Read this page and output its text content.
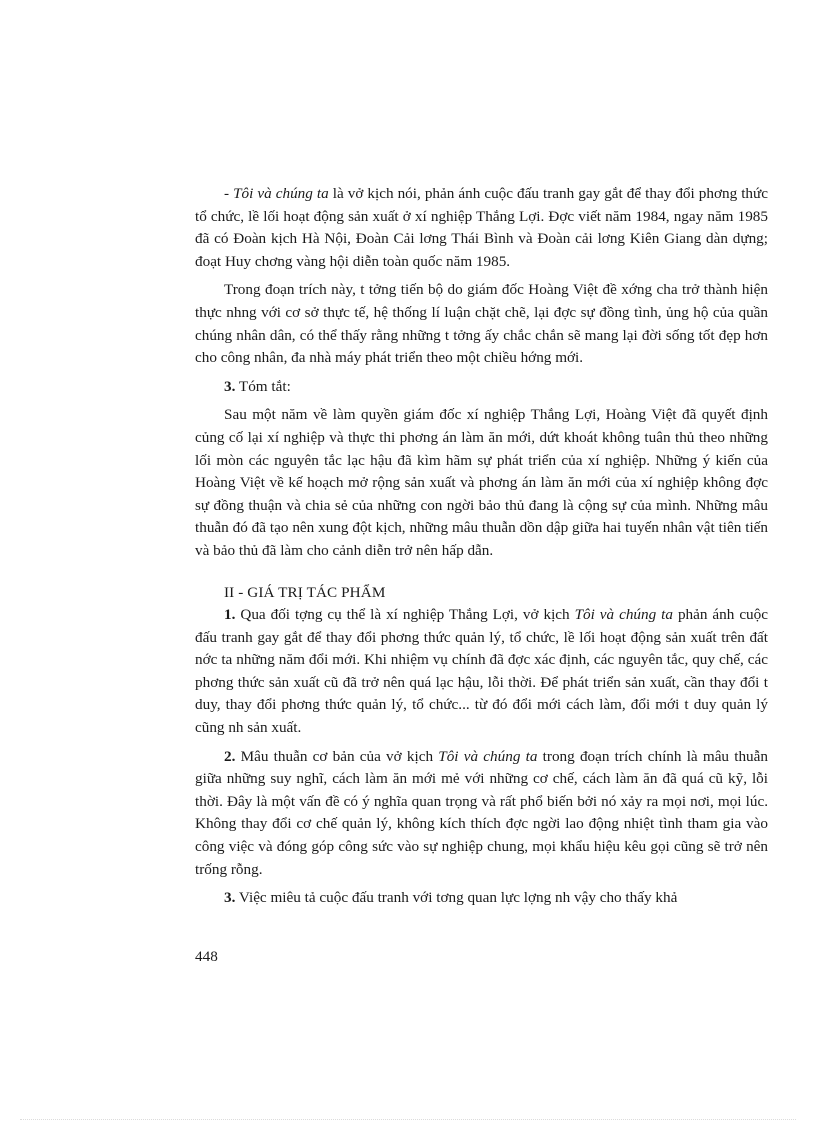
- Tôi và chúng ta là vở kịch nói, phản ánh cuộc đấu tranh gay gắt để thay đổi phơng thức tổ chức, lề lối hoạt động sản xuất ở xí nghiệp Thắng Lợi. Đợc viết năm 1984, ngay năm 1985 đã có Đoàn kịch Hà Nội, Đoàn Cải lơng Thái Bình và Đoàn cải lơng Kiên Giang dàn dựng; đoạt Huy chơng vàng hội diễn toàn quốc năm 1985.

Trong đoạn trích này, t tởng tiến bộ do giám đốc Hoàng Việt đề xớng cha trở thành hiện thực nhng với cơ sở thực tế, hệ thống lí luận chặt chẽ, lại đợc sự đồng tình, ủng hộ của quần chúng nhân dân, có thể thấy rằng những t tởng ấy chắc chắn sẽ mang lại đời sống tốt đẹp hơn cho công nhân, đa nhà máy phát triển theo một chiều hớng mới.

3. Tóm tắt:

Sau một năm về làm quyền giám đốc xí nghiệp Thắng Lợi, Hoàng Việt đã quyết định củng cố lại xí nghiệp và thực thi phơng án làm ăn mới, dứt khoát không tuân thủ theo những lối mòn các nguyên tắc lạc hậu đã kìm hãm sự phát triển của xí nghiệp. Những ý kiến của Hoàng Việt về kế hoạch mở rộng sản xuất và phơng án làm ăn mới của xí nghiệp không đợc sự đồng thuận và chia sẻ của những con ngời bảo thủ đang là cộng sự của mình. Những mâu thuẫn đó đã tạo nên xung đột kịch, những mâu thuẫn dồn dập giữa hai tuyến nhân vật tiên tiến và bảo thủ đã làm cho cảnh diễn trở nên hấp dẫn.

II - GIÁ TRỊ TÁC PHẨM

1. Qua đối tợng cụ thể là xí nghiệp Thắng Lợi, vở kịch Tôi và chúng ta phản ánh cuộc đấu tranh gay gắt để thay đổi phơng thức quản lý, tổ chức, lề lối hoạt động sản xuất trên đất nớc ta những năm đổi mới. Khi nhiệm vụ chính đã đợc xác định, các nguyên tắc, quy chế, các phơng thức sản xuất cũ đã trở nên quá lạc hậu, lỗi thời. Để phát triển sản xuất, cần thay đổi t duy, thay đổi phơng thức quản lý, tổ chức... từ đó đổi mới cách làm, đổi mới t duy quản lý cũng nh sản xuất.

2. Mâu thuẫn cơ bản của vở kịch Tôi và chúng ta trong đoạn trích chính là mâu thuẫn giữa những suy nghĩ, cách làm ăn mới mẻ với những cơ chế, cách làm ăn đã quá cũ kỹ, lỗi thời. Đây là một vấn đề có ý nghĩa quan trọng và rất phổ biến bởi nó xảy ra mọi nơi, mọi lúc. Không thay đổi cơ chế quản lý, không kích thích đợc ngời lao động nhiệt tình tham gia vào công việc và đóng góp công sức vào sự nghiệp chung, mọi khẩu hiệu kêu gọi cũng sẽ trở nên trống rỗng.

3. Việc miêu tả cuộc đấu tranh với tơng quan lực lợng nh vậy cho thấy khả

448
